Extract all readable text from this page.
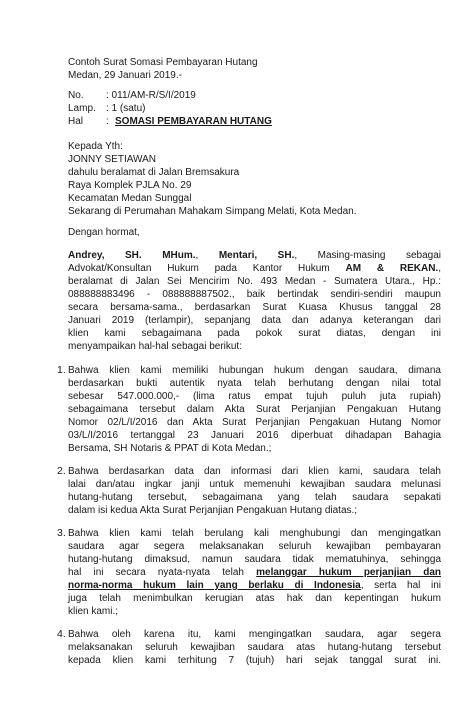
Contoh Surat Somasi Pembayaran Hutang
Medan, 29 Januari 2019.-
No. : 011/AM-R/S/I/2019
Lamp. : 1 (satu)
Hal : SOMASI PEMBAYARAN HUTANG
Kepada Yth:
JONNY SETIAWAN
dahulu beralamat di Jalan Bremsakura
Raya Komplek PJLA No. 29
Kecamatan Medan Sunggal
Sekarang di Perumahan Mahakam Simpang Melati, Kota Medan.
Dengan hormat,
Andrey, SH. MHum., Mentari, SH., Masing-masing sebagai
Advokat/Konsultan Hukum pada Kantor Hukum AM & REKAN.,
beralamat di Jalan Sei Mencirim No. 493 Medan - Sumatera Utara., Hp.:
088888883496 - 088888887502., baik bertindak sendiri-sendiri maupun
secara bersama-sama., berdasarkan Surat Kuasa Khusus tanggal 28
Januari 2019 (terlampir), sepanjang data dan adanya keterangan dari
klien kami sebagaimana pada pokok surat diatas, dengan ini
menyampaikan hal-hal sebagai berikut:
1. Bahwa klien kami memiliki hubungan hukum dengan saudara, dimana
berdasarkan bukti autentik nyata telah berhutang dengan nilai total
sebesar 547.000.000,- (lima ratus empat tujuh puluh juta rupiah)
sebagaimana tersebut dalam Akta Surat Perjanjian Pengakuan Hutang
Nomor 02/L/I/2016 dan Akta Surat Perjanjian Pengakuan Hutang Nomor
03/L/I/2016 tertanggal 23 Januari 2016 diperbuat dihadapan Bahagia
Bersama, SH Notaris & PPAT di Kota Medan.;
2. Bahwa berdasarkan data dan informasi dari klien kami, saudara telah
lalai dan/atau ingkar janji untuk memenuhi kewajiban saudara melunasi
hutang-hutang tersebut, sebagaimana yang telah saudara sepakati
dalam isi kedua Akta Surat Perjanjian Pengakuan Hutang diatas.;
3. Bahwa klien kami telah berulang kali menghubungi dan mengingatkan
saudara agar segera melaksanakan seluruh kewajiban pembayaran
hutang-hutang dimaksud, namun saudara tidak mematuhinya, sehingga
hal ini secara nyata-nyata telah melanggar hukum perjanjian dan
norma-norma hukum lain yang berlaku di Indonesia, serta hal ini
juga telah menimbulkan kerugian atas hak dan kepentingan hukum
klien kami.;
4. Bahwa oleh karena itu, kami mengingatkan saudara, agar segera
melaksanakan seluruh kewajiban saudara atas hutang-hutang tersebut
kepada klien kami terhitung 7 (tujuh) hari sejak tanggal surat ini.
